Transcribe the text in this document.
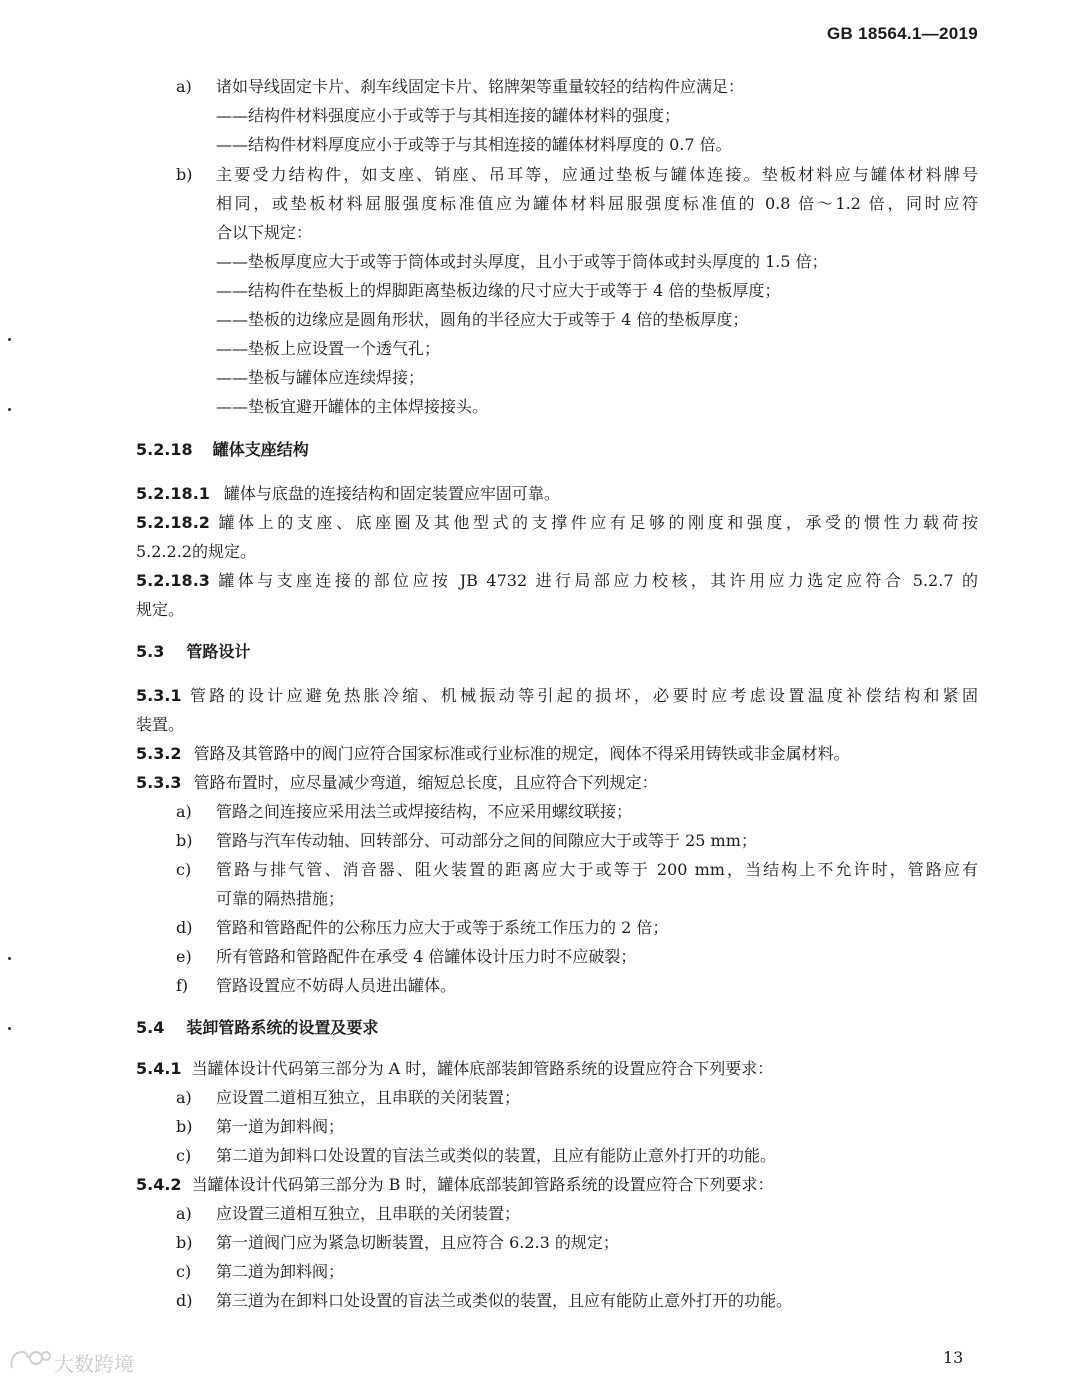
GB 18564.1—2019
a) 诸如导线固定卡片、刹车线固定卡片、铭牌架等重量较轻的结构件应满足：
——结构件材料强度应小于或等于与其相连接的罐体材料的强度；
——结构件材料厚度应小于或等于与其相连接的罐体材料厚度的 0.7 倍。
b) 主要受力结构件，如支座、销座、吊耳等，应通过垫板与罐体连接。垫板材料应与罐体材料牌号
相同，或垫板材料屈服强度标准值应为罐体材料屈服强度标准值的 0.8 倍～1.2 倍，同时应符
合以下规定：
——垫板厚度应大于或等于筒体或封头厚度，且小于或等于筒体或封头厚度的 1.5 倍；
——结构件在垫板上的焊脚距离垫板边缘的尺寸应大于或等于 4 倍的垫板厚度；
——垫板的边缘应是圆角形状，圆角的半径应大于或等于 4 倍的垫板厚度；
——垫板上应设置一个透气孔；
——垫板与罐体应连续焊接；
——垫板宜避开罐体的主体焊接接头。
5.2.18 罐体支座结构
5.2.18.1 罐体与底盘的连接结构和固定装置应牢固可靠。
5.2.18.2 罐体上的支座、底座圈及其他型式的支撑件应有足够的刚度和强度，承受的惯性力载荷按
5.2.2.2的规定。
5.2.18.3 罐体与支座连接的部位应按 JB 4732 进行局部应力校核，其许用应力选定应符合 5.2.7 的
规定。
5.3 管路设计
5.3.1 管路的设计应避免热胀冷缩、机械振动等引起的损坏，必要时应考虑设置温度补偿结构和紧固
装置。
5.3.2 管路及其管路中的阀门应符合国家标准或行业标准的规定，阀体不得采用铸铁或非金属材料。
5.3.3 管路布置时，应尽量减少弯道，缩短总长度，且应符合下列规定：
a) 管路之间连接应采用法兰或焊接结构，不应采用螺纹联接；
b) 管路与汽车传动轴、回转部分、可动部分之间的间隙应大于或等于 25 mm；
c) 管路与排气管、消音器、阻火装置的距离应大于或等于 200 mm，当结构上不允许时，管路应有
可靠的隔热措施；
d) 管路和管路配件的公称压力应大于或等于系统工作压力的 2 倍；
e) 所有管路和管路配件在承受 4 倍罐体设计压力时不应破裂；
f) 管路设置应不妨碍人员进出罐体。
5.4 装卸管路系统的设置及要求
5.4.1 当罐体设计代码第三部分为 A 时，罐体底部装卸管路系统的设置应符合下列要求：
a) 应设置二道相互独立，且串联的关闭装置；
b) 第一道为卸料阀；
c) 第二道为卸料口处设置的盲法兰或类似的装置，且应有能防止意外打开的功能。
5.4.2 当罐体设计代码第三部分为 B 时，罐体底部装卸管路系统的设置应符合下列要求：
a) 应设置三道相互独立，且串联的关闭装置；
b) 第一道阀门应为紧急切断装置，且应符合 6.2.3 的规定；
c) 第二道为卸料阀；
d) 第三道为在卸料口处设置的盲法兰或类似的装置，且应有能防止意外打开的功能。
13
大数跨境
